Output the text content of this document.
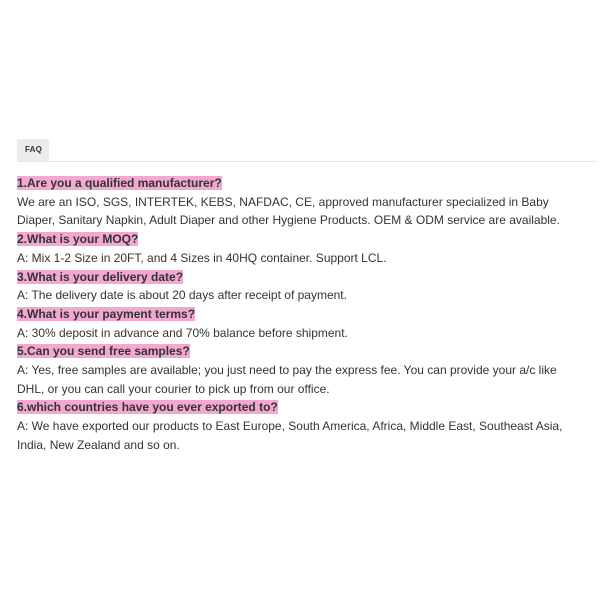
FAQ
1.Are you a qualified manufacturer?
We are an ISO, SGS, INTERTEK, KEBS, NAFDAC, CE, approved manufacturer specialized in Baby Diaper, Sanitary Napkin, Adult Diaper and other Hygiene Products. OEM & ODM service are available.
2.What is your MOQ?
A: Mix 1-2 Size in 20FT, and 4 Sizes in 40HQ container. Support LCL.
3.What is your delivery date?
A: The delivery date is about 20 days after receipt of payment.
4.What is your payment terms?
A: 30% deposit in advance and 70% balance before shipment.
5.Can you send free samples?
A: Yes, free samples are available; you just need to pay the express fee. You can provide your a/c like DHL, or you can call your courier to pick up from our office.
6.which countries have you ever exported to?
A: We have exported our products to East Europe, South America, Africa, Middle East, Southeast Asia, India, New Zealand and so on.
